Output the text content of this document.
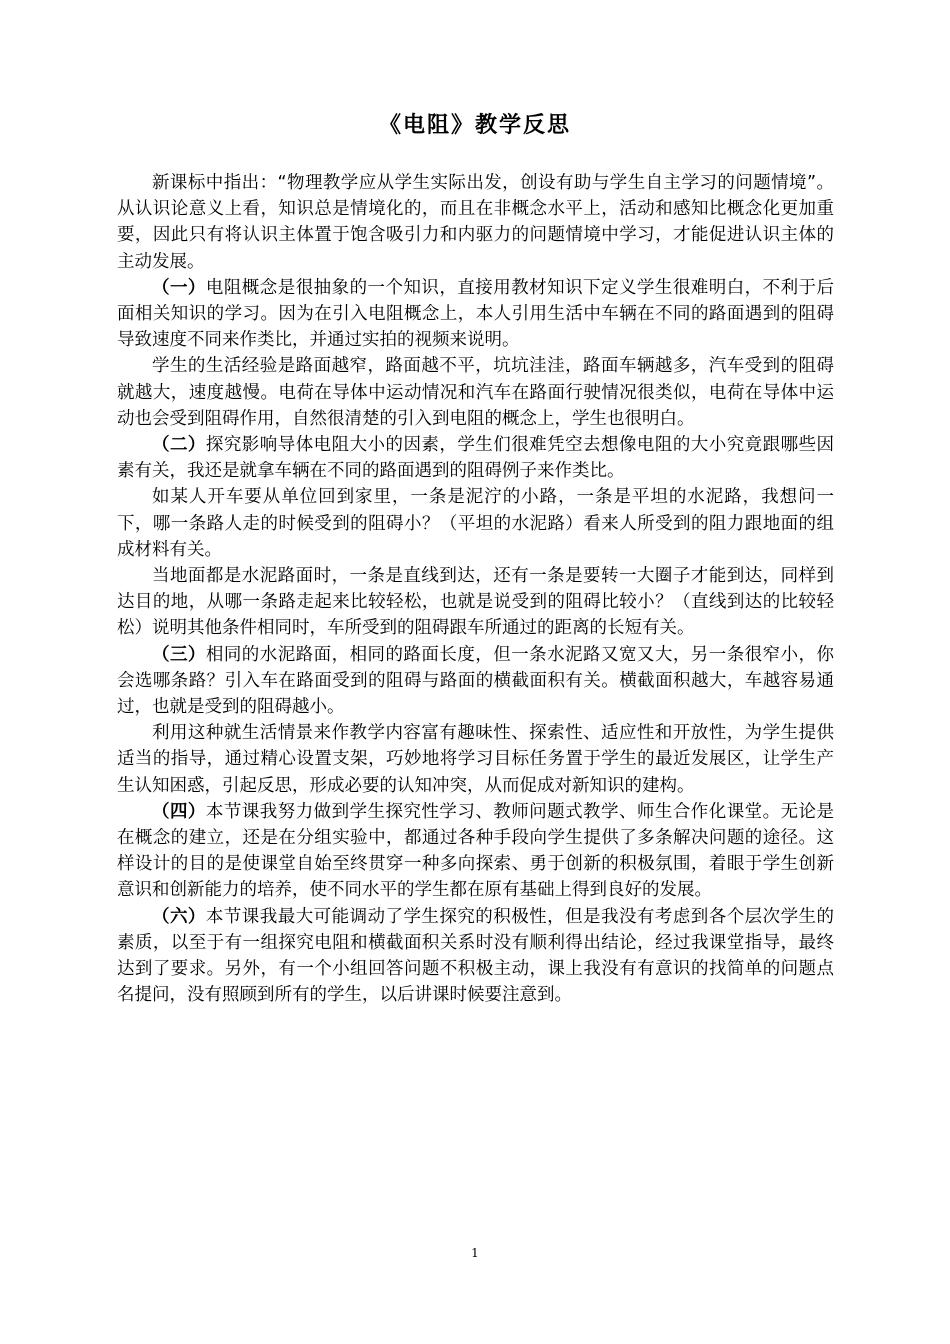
《电阻》教学反思

新课标中指出：“物理教学应从学生实际出发，创设有助与学生自主学习的问题情境”。从认识论意义上看，知识总是情境化的，而且在非概念水平上，活动和感知比概念化更加重要，因此只有将认识主体置于饱含吸引力和内驱力的问题情境中学习，才能促进认识主体的主动发展。

（一）电阻概念是很抽象的一个知识，直接用教材知识下定义学生很难明白，不利于后面相关知识的学习。因为在引入电阻概念上，本人引用生活中车辆在不同的路面遇到的阻碍导致速度不同来作类比，并通过实拍的视频来说明。

学生的生活经验是路面越窄，路面越不平，坑坑洼洼，路面车辆越多，汽车受到的阻碍就越大，速度越慢。电荷在导体中运动情况和汽车在路面行驶情况很类似，电荷在导体中运动也会受到阻碍作用，自然很清楚的引入到电阻的概念上，学生也很明白。

（二）探究影响导体电阻大小的因素，学生们很难凭空去想像电阻的大小究竟跟哪些因素有关，我还是就拿车辆在不同的路面遇到的阻碍例子来作类比。

如某人开车要从单位回到家里，一条是泥泞的小路，一条是平坦的水泥路，我想问一下，哪一条路人走的时候受到的阻碍小？（平坦的水泥路）看来人所受到的阻力跟地面的组成材料有关。

当地面都是水泥路面时，一条是直线到达，还有一条是要转一大圈子才能到达，同样到达目的地，从哪一条路走起来比较轻松，也就是说受到的阻碍比较小？（直线到达的比较轻松）说明其他条件相同时，车所受到的阻碍跟车所通过的距离的长短有关。

（三）相同的水泥路面，相同的路面长度，但一条水泥路又宽又大，另一条很窄小，你会选哪条路？引入车在路面受到的阻碍与路面的横截面积有关。横截面积越大，车越容易通过，也就是受到的阻碍越小。

利用这种就生活情景来作教学内容富有趣味性、探索性、适应性和开放性，为学生提供适当的指导，通过精心设置支架，巧妙地将学习目标任务置于学生的最近发展区，让学生产生认知困惑，引起反思，形成必要的认知冲突，从而促成对新知识的建构。

（四）本节课我努力做到学生探究性学习、教师问题式教学、师生合作化课堂。无论是在概念的建立，还是在分组实验中，都通过各种手段向学生提供了多条解决问题的途径。这样设计的目的是使课堂自始至终贯穿一种多向探索、勇于创新的积极氛围，着眼于学生创新意识和创新能力的培养，使不同水平的学生都在原有基础上得到良好的发展。

（六）本节课我最大可能调动了学生探究的积极性，但是我没有考虑到各个层次学生的素质，以至于有一组探究电阻和横截面积关系时没有顺利得出结论，经过我课堂指导，最终达到了要求。另外，有一个小组回答问题不积极主动，课上我没有有意识的找简单的问题点名提问，没有照顾到所有的学生，以后讲课时候要注意到。

1
